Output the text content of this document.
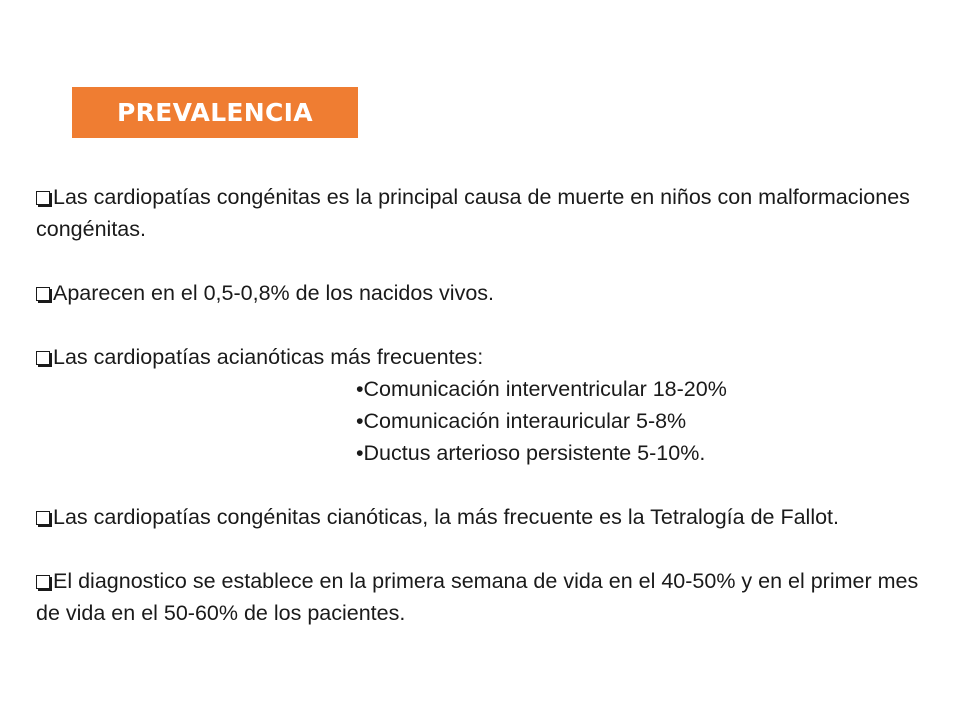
PREVALENCIA

Las cardiopatías congénitas es la principal causa de muerte en niños con malformaciones congénitas.

Aparecen en el 0,5-0,8% de los nacidos vivos.

Las cardiopatías acianóticas más frecuentes:

•Comunicación interventricular 18-20%
•Comunicación interauricular 5-8%
•Ductus arterioso persistente 5-10%.

Las cardiopatías congénitas cianóticas, la más frecuente es la Tetralogía de Fallot.

El diagnostico se establece en la primera semana de vida en el 40-50% y en el primer mes de vida en el 50-60% de los pacientes.
